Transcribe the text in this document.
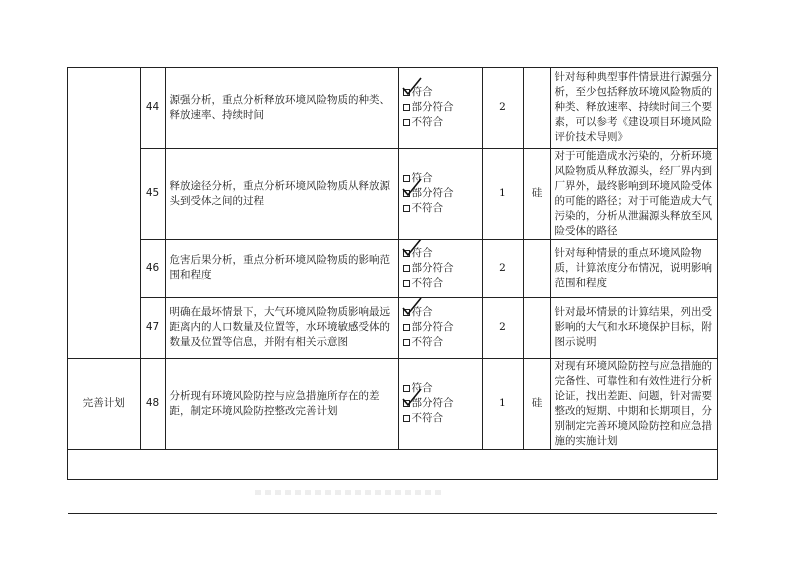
	44	源强分析，重点分析释放环境风险物质的种类、释放速率、持续时间	符合
部分符合
不符合	2		针对每种典型事件情景进行源强分析，至少包括释放环境风险物质的种类、释放速率、持续时间三个要素，可以参考《建设项目环境风险评价技术导则》
	45	释放途径分析，重点分析环境风险物质从释放源头到受体之间的过程	符合
部分符合
不符合	1	硅	对于可能造成水污染的，分析环境风险物质从释放源头，经厂界内到厂界外，最终影响到环境风险受体的可能的路径；对于可能造成大气污染的，分析从泄漏源头释放至风险受体的路径
	46	危害后果分析，重点分析环境风险物质的影响范围和程度	符合
部分符合
不符合	2		针对每种情景的重点环境风险物质，计算浓度分布情况，说明影响范围和程度
	47	明确在最坏情景下，大气环境风险物质影响最远距离内的人口数量及位置等，水环境敏感受体的数量及位置等信息，并附有相关示意图	符合
部分符合
不符合	2		针对最坏情景的计算结果，列出受影响的大气和水环境保护目标，附图示说明
完善计划	48	分析现有环境风险防控与应急措施所存在的差距，制定环境风险防控整改完善计划	符合
部分符合
不符合	1	硅	对现有环境风险防控与应急措施的完备性、可靠性和有效性进行分析论证，找出差距、问题，针对需要整改的短期、中期和长期项目，分别制定完善环境风险防控和应急措施的实施计划
